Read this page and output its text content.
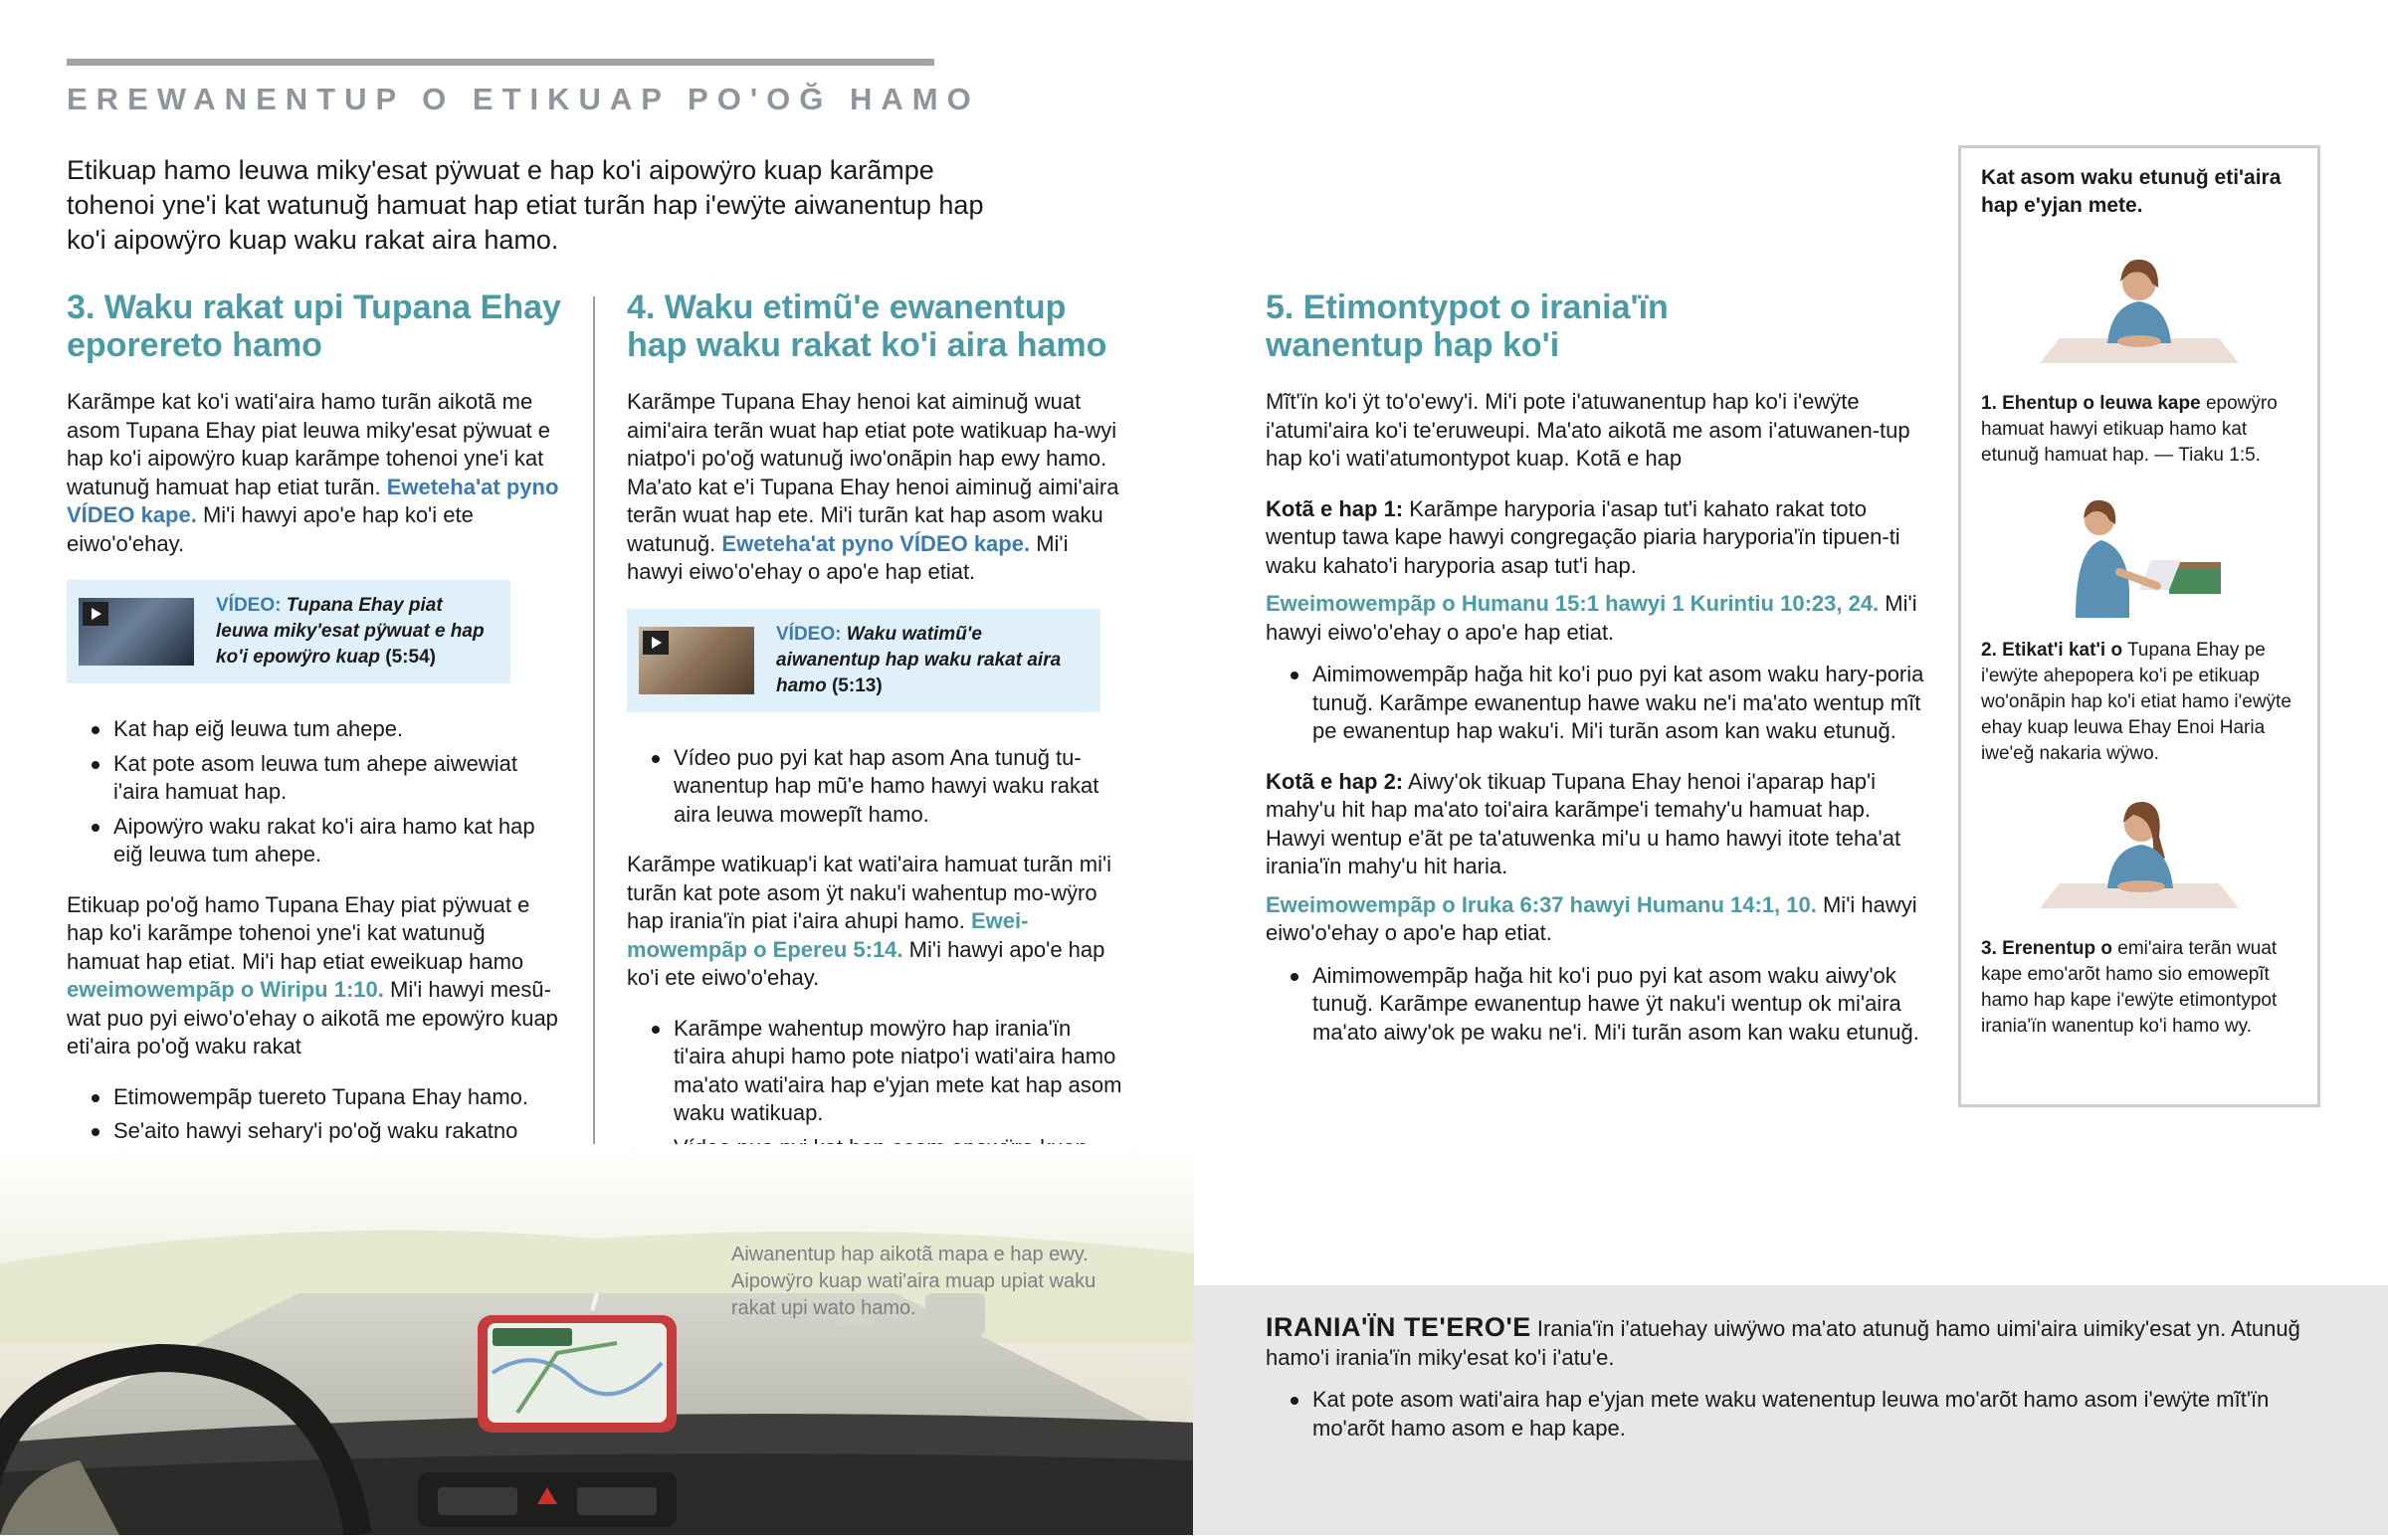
EREWANENTUP O ETIKUAP PO'OĞ HAMO
Etikuap hamo leuwa miky'esat pÿwuat e hap ko'i aipowÿro kuap karãmpe tohenoi yne'i kat watunuğ hamuat hap etiat turãn hap i'ewÿte aiwanentup hap ko'i aipowÿro kuap waku rakat aira hamo.
3. Waku rakat upi Tupana Ehay eporereto hamo

Karãmpe kat ko'i wati'aira hamo turãn aikotã me asom Tupana Ehay piat leuwa miky'esat pÿwuat e hap ko'i aipowÿro kuap karãmpe tohenoi yne'i kat watunuğ hamuat hap etiat turãn. Eweteha'at pyno VÍDEO kape. Mi'i hawyi apo'e hap ko'i ete eiwo'o'ehay.

VÍDEO: Tupana Ehay piat leuwa miky'esat pÿwuat e hap ko'i epowÿro kuap (5:54)
Kat hap eiğ leuwa tum ahepe.
Kat pote asom leuwa tum ahepe aiwewiat i'aira hamuat hap.
Aipowÿro waku rakat ko'i aira hamo kat hap eiğ leuwa tum ahepe.

Etikuap po'oğ hamo Tupana Ehay piat pÿwuat e hap ko'i karãmpe tohenoi yne'i kat watunuğ hamuat hap etiat. Mi'i hap etiat eweikuap hamo eweimowempãp o Wiripu 1:10. Mi'i hawyi mesũ-wat puo pyi eiwo'o'ehay o aikotã me epowÿro kuap eti'aira po'oğ waku rakat

Etimowempãp tuereto Tupana Ehay hamo.
Se'aito hawyi sehary'i po'oğ waku rakatno
4. Waku etimũ'e ewanentup hap waku rakat ko'i aira hamo

Karãmpe Tupana Ehay henoi kat aiminuğ wuat aimi'aira terãn wuat hap etiat pote watikuap ha-wyi niatpo'i po'oğ watunuğ iwo'onãpin hap ewy hamo. Ma'ato kat e'i Tupana Ehay henoi aiminuğ aimi'aira terãn wuat hap ete. Mi'i turãn kat hap asom waku watunuğ. Eweteha'at pyno VÍDEO kape. Mi'i hawyi eiwo'o'ehay o apo'e hap etiat.

VÍDEO: Waku watimũ'e aiwanentup hap waku rakat aira hamo (5:13)
Vídeo puo pyi kat hap asom Ana tunuğ tu-wanentup hap mũ'e hamo hawyi waku rakat aira leuwa mowepĩt hamo.

Karãmpe watikuap'i kat wati'aira hamuat turãn mi'i turãn kat pote asom ÿt naku'i wahentup mo-wÿro hap irania'ïn piat i'aira ahupi hamo. Ewei-mowempãp o Epereu 5:14. Mi'i hawyi apo'e hap ko'i ete eiwo'o'ehay.

Karãmpe wahentup mowÿro hap irania'ïn ti'aira ahupi hamo pote niatpo'i wati'aira hamo ma'ato wati'aira hap e'yjan mete kat hap asom waku watikuap.
5. Etimontypot o irania'ïn wanentup hap ko'i

Mĩt'ïn ko'i ÿt to'o'ewy'i. Mi'i pote i'atuwanentup hap ko'i i'ewÿte i'atumi'aira ko'i te'eruweupi. Ma'ato aikotã me asom i'atuwanen-tup hap ko'i wati'atumontypot kuap. Kotã e hap

Kotã e hap 1: Karãmpe haryporia i'asap tut'i kahato rakat toto wentup tawa kape hawyi congregação piaria haryporia'ïn tipuen-ti waku kahato'i haryporia asap tut'i hap.

Eweimowempãp o Humanu 15:1 hawyi 1 Kurintiu 10:23, 24. Mi'i hawyi eiwo'o'ehay o apo'e hap etiat.

Aimimowempãp hağa hit ko'i puo pyi kat asom waku hary-poria tunuğ. Karãmpe ewanentup hawe waku ne'i ma'ato wentup mĩt pe ewanentup hap waku'i. Mi'i turãn asom kan waku etunuğ.

Kotã e hap 2: Aiwy'ok tikuap Tupana Ehay henoi i'aparap hap'i mahy'u hit hap ma'ato toi'aira karãmpe'i temahy'u hamuat hap. Hawyi wentup e'ãt pe ta'atuwenka mi'u u hamo hawyi itote teha'at irania'ïn mahy'u hit haria.

Eweimowempãp o Iruka 6:37 hawyi Humanu 14:1, 10. Mi'i hawyi eiwo'o'ehay o apo'e hap etiat.

Aimimowempãp hağa hit ko'i puo pyi kat asom waku aiwy'ok tunuğ. Karãmpe ewanentup hawe ÿt naku'i wentup ok mi'aira ma'ato aiwy'ok pe waku ne'i. Mi'i turãn asom kan waku etunuğ.

Kat asom waku etunuğ eti'aira hap e'yjan mete.

1. Ehentup o leuwa kape epowÿro hamuat hawyi etikuap hamo kat etunuğ hamuat hap. — Tiaku 1:5.

2. Etikat'i kat'i o Tupana Ehay pe i'ewÿte ahepopera ko'i pe etikuap wo'onãpin hap ko'i etiat hamo i'ewÿte ehay kuap leuwa Ehay Enoi Haria iwe'eğ nakaria wÿwo.

3. Erenentup o emi'aira terãn wuat kape emo'arõt hamo sio emowepĩt hamo hap kape i'ewÿte etimontypot irania'ïn wanentup ko'i hamo wy.

Aiwanentup hap aikotã mapa e hap ewy. Aipowÿro kuap wati'aira muap upiat waku rakat upi wato hamo.

IRANIA'ÏN TE'ERO'E Irania'ïn i'atuehay uiwÿwo ma'ato atunuğ hamo uimi'aira uimiky'esat yn. Atunuğ hamo'i irania'ïn miky'esat ko'i i'atu'e.

Kat pote asom wati'aira hap e'yjan mete waku watenentup leuwa mo'arõt hamo asom i'ewÿte mĩt'ïn mo'arõt hamo asom e hap kape.
